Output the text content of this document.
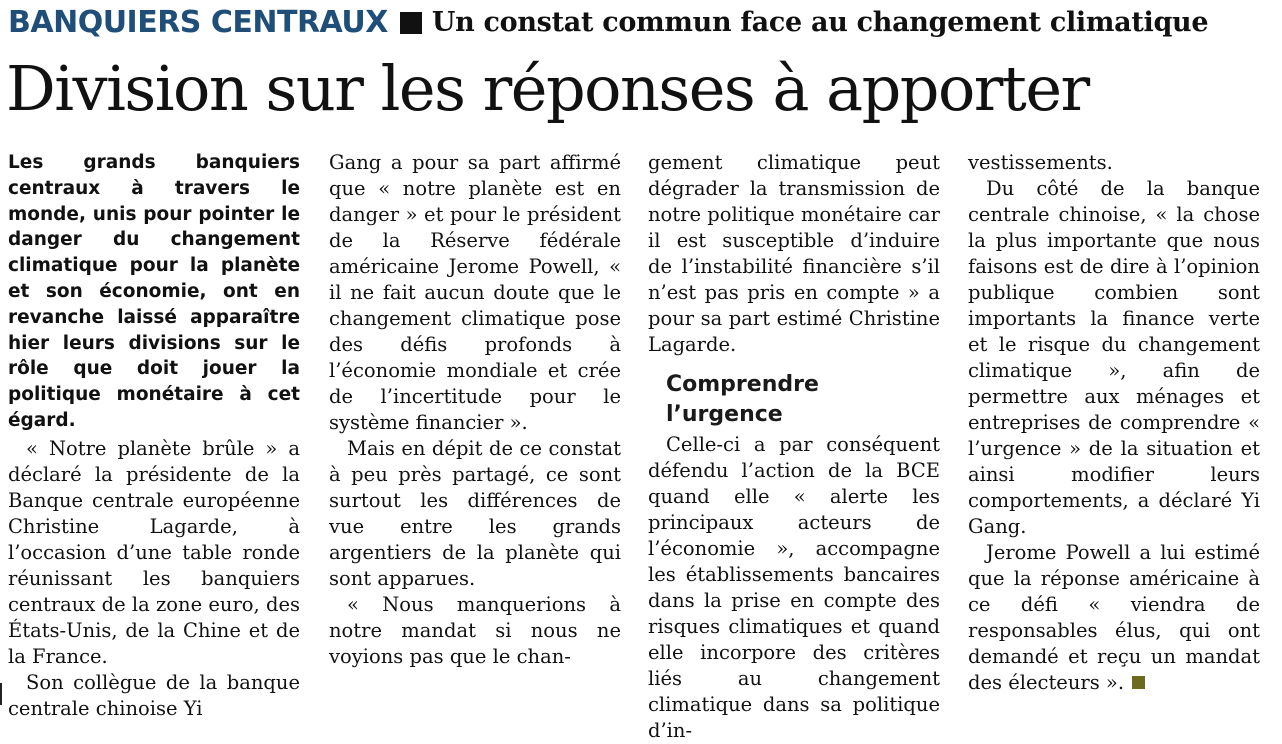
BANQUIERS CENTRAUX Un constat commun face au changement climatique
Division sur les réponses à apporter

Les grands banquiers centraux à travers le monde, unis pour pointer le danger du changement climatique pour la planète et son économie, ont en revanche laissé apparaître hier leurs divisions sur le rôle que doit jouer la politique monétaire à cet égard.

« Notre planète brûle » a déclaré la présidente de la Banque centrale européenne Christine Lagarde, à l’occasion d’une table ronde réunissant les banquiers centraux de la zone euro, des États-Unis, de la Chine et de la France.

Son collègue de la banque centrale chinoise Yi

Gang a pour sa part affirmé que « notre planète est en danger » et pour le président de la Réserve fédérale américaine Jerome Powell, « il ne fait aucun doute que le changement climatique pose des défis profonds à l’économie mondiale et crée de l’incertitude pour le système financier ».

Mais en dépit de ce constat à peu près partagé, ce sont surtout les différences de vue entre les grands argentiers de la planète qui sont apparues.

« Nous manquerions à notre mandat si nous ne voyions pas que le chan-

gement climatique peut dégrader la transmission de notre politique monétaire car il est susceptible d’induire de l’instabilité financière s’il n’est pas pris en compte » a pour sa part estimé Christine Lagarde.

Comprendre l’urgence

Celle-ci a par conséquent défendu l’action de la BCE quand elle « alerte les principaux acteurs de l’économie », accompagne les établissements bancaires dans la prise en compte des risques climatiques et quand elle incorpore des critères liés au changement climatique dans sa politique d’in-

vestissements.

Du côté de la banque centrale chinoise, « la chose la plus importante que nous faisons est de dire à l’opinion publique combien sont importants la finance verte et le risque du changement climatique », afin de permettre aux ménages et entreprises de comprendre « l’urgence » de la situation et ainsi modifier leurs comportements, a déclaré Yi Gang.

Jerome Powell a lui estimé que la réponse américaine à ce défi « viendra de responsables élus, qui ont demandé et reçu un mandat des électeurs ».
